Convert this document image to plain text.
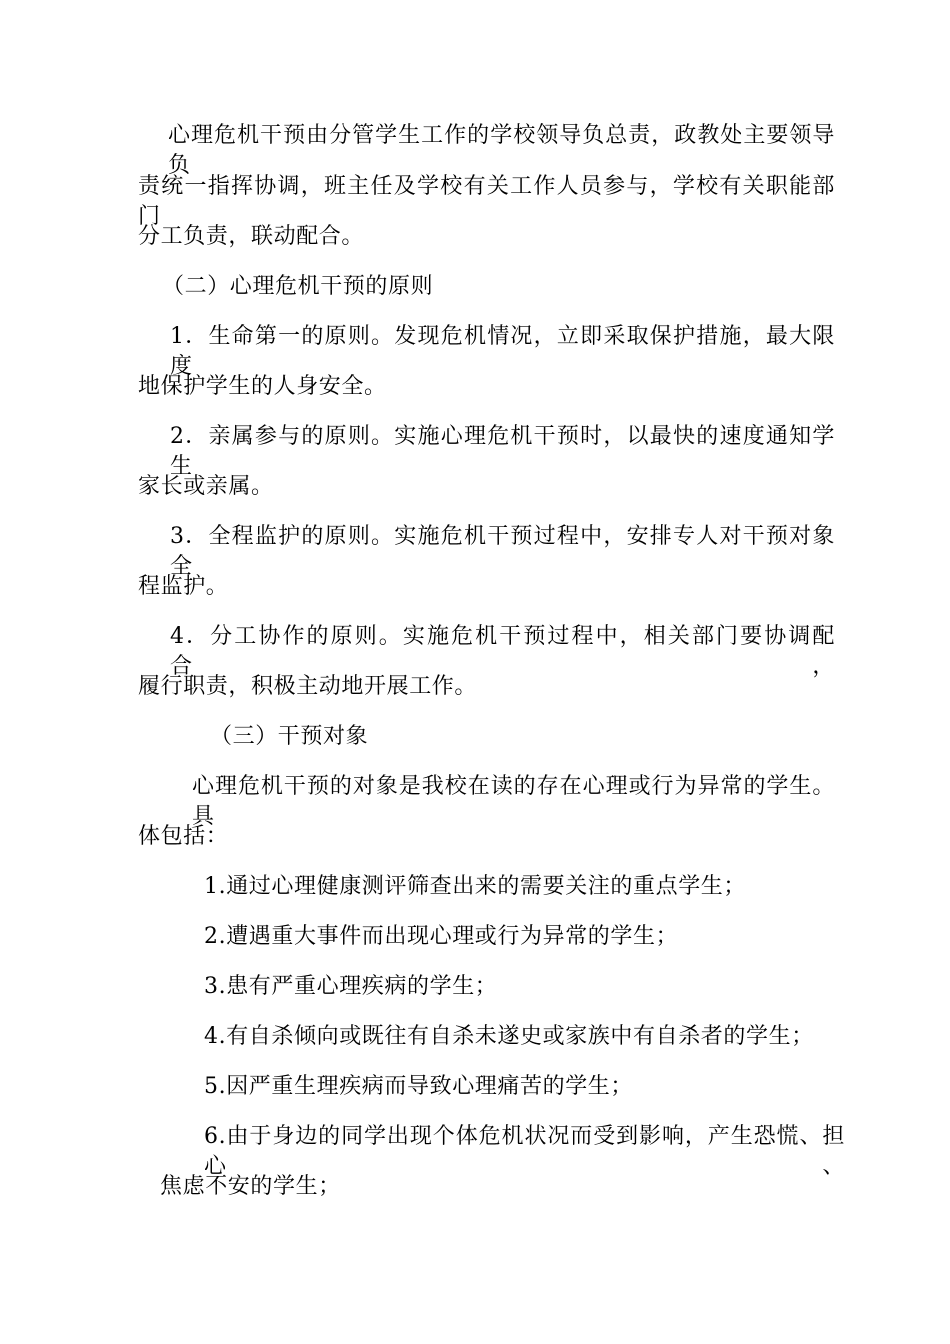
心理危机干预由分管学生工作的学校领导负总责，政教处主要领导负
责统一指挥协调，班主任及学校有关工作人员参与，学校有关职能部门
分工负责，联动配合。
（二）心理危机干预的原则
1．生命第一的原则。发现危机情况，立即采取保护措施，最大限度
地保护学生的人身安全。
2．亲属参与的原则。实施心理危机干预时，以最快的速度通知学生
家长或亲属。
3．全程监护的原则。实施危机干预过程中，安排专人对干预对象全
程监护。
4．分工协作的原则。实施危机干预过程中，相关部门要协调配合，
履行职责，积极主动地开展工作。
（三）干预对象
心理危机干预的对象是我校在读的存在心理或行为异常的学生。具
体包括：
1.通过心理健康测评筛查出来的需要关注的重点学生；
2.遭遇重大事件而出现心理或行为异常的学生；
3.患有严重心理疾病的学生；
4.有自杀倾向或既往有自杀未遂史或家族中有自杀者的学生；
5.因严重生理疾病而导致心理痛苦的学生；
6.由于身边的同学出现个体危机状况而受到影响，产生恐慌、担心、
焦虑不安的学生；
